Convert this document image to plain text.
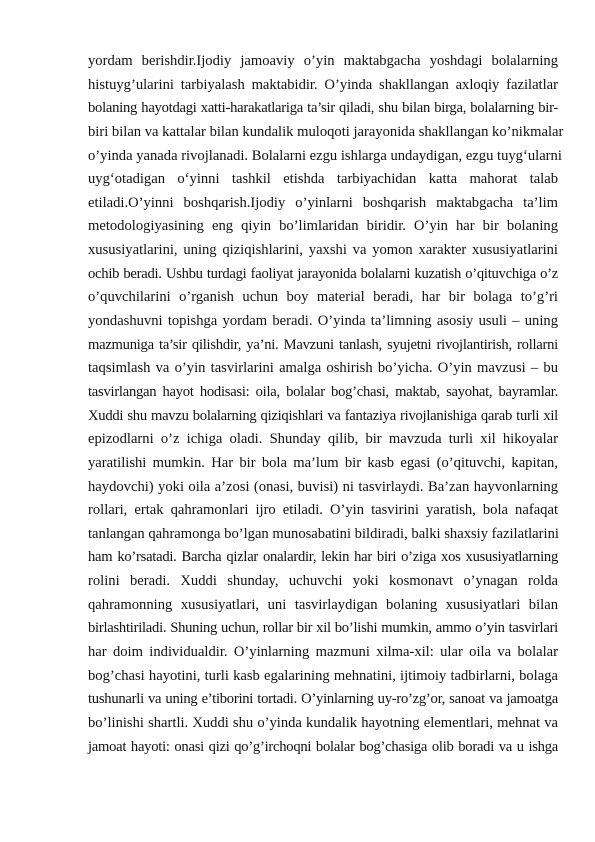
yordam berishdir.Ijodiy jamoaviy o’yin maktabgacha yoshdagi bolalarning
histuyg’ularini tarbiyalash maktabidir. O’yinda shakllangan axloqiy fazilatlar
bolaning hayotdagi xatti-harakatlariga ta’sir qiladi, shu bilan birga, bolalarning bir-
biri bilan va kattalar bilan kundalik muloqoti jarayonida shakllangan ko’nikmalar
o’yinda yanada rivojlanadi. Bolalarni ezgu ishlarga undaydigan, ezgu tuyg‘ularni
uyg‘otadigan o‘yinni tashkil etishda tarbiyachidan katta mahorat talab
etiladi.O’yinni boshqarish.Ijodiy o’yinlarni boshqarish maktabgacha ta’lim
metodologiyasining eng qiyin bo’limlaridan biridir. O’yin har bir bolaning
xususiyatlarini, uning qiziqishlarini, yaxshi va yomon xarakter xususiyatlarini
ochib beradi. Ushbu turdagi faoliyat jarayonida bolalarni kuzatish o’qituvchiga o’z
o’quvchilarini o’rganish uchun boy material beradi, har bir bolaga to’g’ri
yondashuvni topishga yordam beradi. O’yinda ta’limning asosiy usuli – uning
mazmuniga ta’sir qilishdir, ya’ni. Mavzuni tanlash, syujetni rivojlantirish, rollarni
taqsimlash va o’yin tasvirlarini amalga oshirish bo’yicha. O’yin mavzusi – bu
tasvirlangan hayot hodisasi: oila, bolalar bog’chasi, maktab, sayohat, bayramlar.
Xuddi shu mavzu bolalarning qiziqishlari va fantaziya rivojlanishiga qarab turli xil
epizodlarni o’z ichiga oladi. Shunday qilib, bir mavzuda turli xil hikoyalar
yaratilishi mumkin. Har bir bola ma’lum bir kasb egasi (o’qituvchi, kapitan,
haydovchi) yoki oila a’zosi (onasi, buvisi) ni tasvirlaydi. Ba’zan hayvonlarning
rollari, ertak qahramonlari ijro etiladi. O’yin tasvirini yaratish, bola nafaqat
tanlangan qahramonga bo’lgan munosabatini bildiradi, balki shaxsiy fazilatlarini
ham ko’rsatadi. Barcha qizlar onalardir, lekin har biri o’ziga xos xususiyatlarning
rolini beradi. Xuddi shunday, uchuvchi yoki kosmonavt o’ynagan rolda
qahramonning xususiyatlari, uni tasvirlaydigan bolaning xususiyatlari bilan
birlashtiriladi. Shuning uchun, rollar bir xil bo’lishi mumkin, ammo o’yin tasvirlari
har doim individualdir. O’yinlarning mazmuni xilma-xil: ular oila va bolalar
bog’chasi hayotini, turli kasb egalarining mehnatini, ijtimoiy tadbirlarni, bolaga
tushunarli va uning e’tiborini tortadi. O’yinlarning uy-ro’zg’or, sanoat va jamoatga
bo’linishi shartli. Xuddi shu o’yinda kundalik hayotning elementlari, mehnat va
jamoat hayoti: onasi qizi qo’g’irchoqni bolalar bog’chasiga olib boradi va u ishga
